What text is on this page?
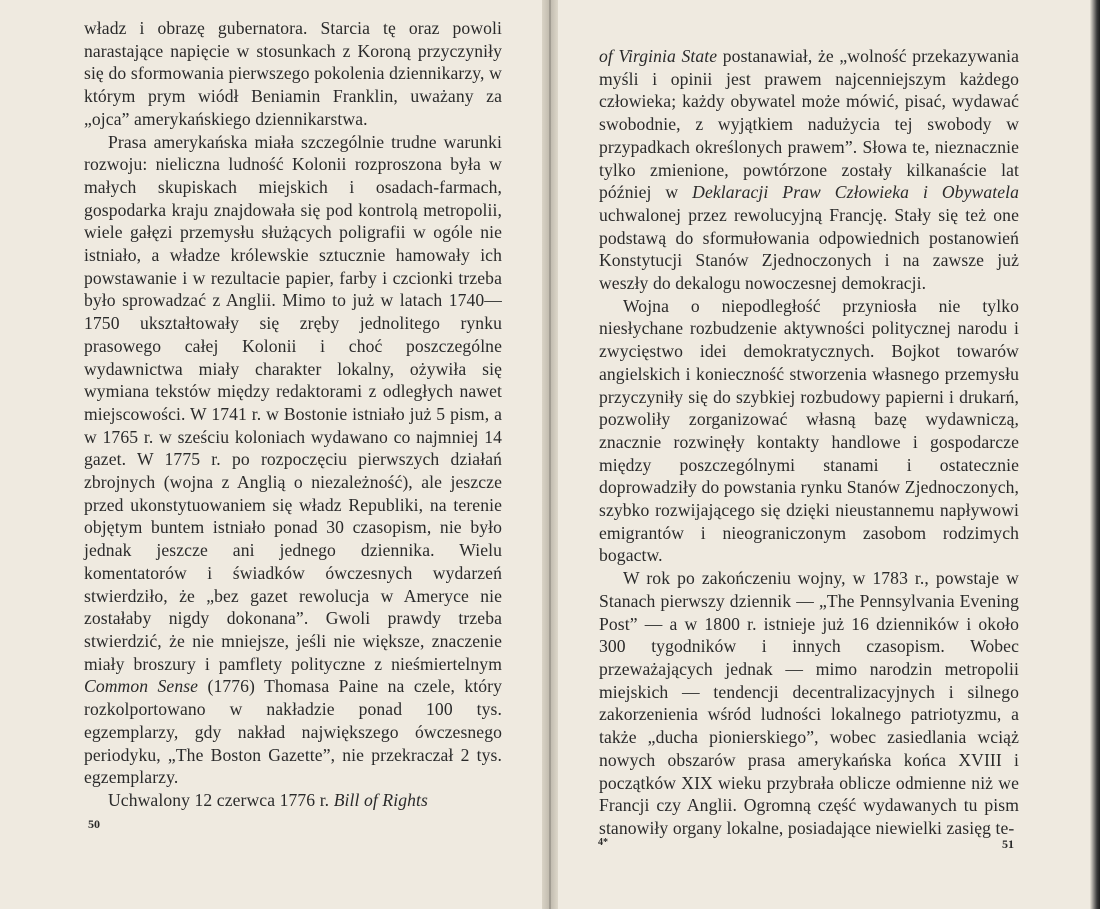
władz i obrazę gubernatora. Starcia tę oraz powoli narastające napięcie w stosunkach z Koroną przyczyniły się do sformowania pierwszego pokolenia dziennikarzy, w którym prym wiódł Beniamin Franklin, uważany za „ojca” amerykańskiego dziennikarstwa.

Prasa amerykańska miała szczególnie trudne warunki rozwoju: nieliczna ludność Kolonii rozproszona była w małych skupiskach miejskich i osadach-farmach, gospodarka kraju znajdowała się pod kontrolą metropolii, wiele gałęzi przemysłu służących poligrafii w ogóle nie istniało, a władze królewskie sztucznie hamowały ich powstawanie i w rezultacie papier, farby i czcionki trzeba było sprowadzać z Anglii. Mimo to już w latach 1740—1750 ukształtowały się zręby jednolitego rynku prasowego całej Kolonii i choć poszczególne wydawnictwa miały charakter lokalny, ożywiła się wymiana tekstów między redaktorami z odległych nawet miejscowości. W 1741 r. w Bostonie istniało już 5 pism, a w 1765 r. w sześciu koloniach wydawano co najmniej 14 gazet. W 1775 r. po rozpoczęciu pierwszych działań zbrojnych (wojna z Anglią o niezależność), ale jeszcze przed ukonstytuowaniem się władz Republiki, na terenie objętym buntem istniało ponad 30 czasopism, nie było jednak jeszcze ani jednego dziennika. Wielu komentatorów i świadków ówczesnych wydarzeń stwierdziło, że „bez gazet rewolucja w Ameryce nie zostałaby nigdy dokonana”. Gwoli prawdy trzeba stwierdzić, że nie mniejsze, jeśli nie większe, znaczenie miały broszury i pamflety polityczne z nieśmiertelnym Common Sense (1776) Thomasa Paine na czele, który rozkolportowano w nakładzie ponad 100 tys. egzemplarzy, gdy nakład największego ówczesnego periodyku, „The Boston Gazette”, nie przekraczał 2 tys. egzemplarzy.

Uchwalony 12 czerwca 1776 r. Bill of Rights

50

of Virginia State postanawiał, że „wolność przekazywania myśli i opinii jest prawem najcenniejszym każdego człowieka; każdy obywatel może mówić, pisać, wydawać swobodnie, z wyjątkiem nadużycia tej swobody w przypadkach określonych prawem”. Słowa te, nieznacznie tylko zmienione, powtórzone zostały kilkanaście lat później w Deklaracji Praw Człowieka i Obywatela uchwalonej przez rewolucyjną Francję. Stały się też one podstawą do sformułowania odpowiednich postanowień Konstytucji Stanów Zjednoczonych i na zawsze już weszły do dekalogu nowoczesnej demokracji.

Wojna o niepodległość przyniosła nie tylko niesłychane rozbudzenie aktywności politycznej narodu i zwycięstwo idei demokratycznych. Bojkot towarów angielskich i konieczność stworzenia własnego przemysłu przyczyniły się do szybkiej rozbudowy papierni i drukarń, pozwoliły zorganizować własną bazę wydawniczą, znacznie rozwinęły kontakty handlowe i gospodarcze między poszczególnymi stanami i ostatecznie doprowadziły do powstania rynku Stanów Zjednoczonych, szybko rozwijającego się dzięki nieustannemu napływowi emigrantów i nieograniczonym zasobom rodzimych bogactw.

W rok po zakończeniu wojny, w 1783 r., powstaje w Stanach pierwszy dziennik — „The Pennsylvania Evening Post” — a w 1800 r. istnieje już 16 dzienników i około 300 tygodników i innych czasopism. Wobec przeważających jednak — mimo narodzin metropolii miejskich — tendencji decentralizacyjnych i silnego zakorzenienia wśród ludności lokalnego patriotyzmu, a także „ducha pionierskiego”, wobec zasiedlania wciąż nowych obszarów prasa amerykańska końca XVIII i początków XIX wieku przybrała oblicze odmienne niż we Francji czy Anglii. Ogromną część wydawanych tu pism stanowiły organy lokalne, posiadające niewielki zasięg te-

4*	51
